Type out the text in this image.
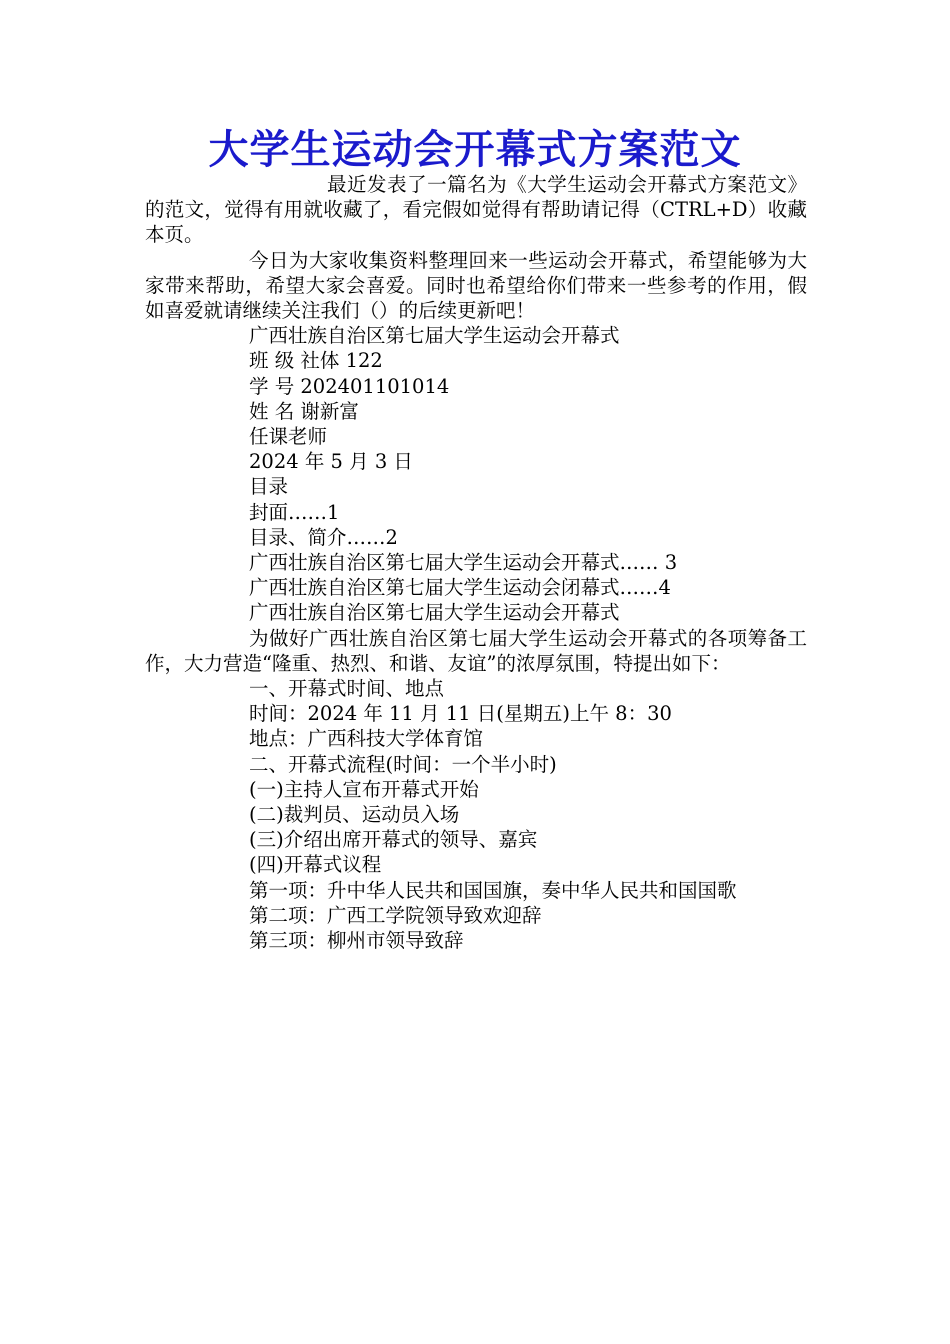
大学生运动会开幕式方案范文

最近发表了一篇名为《大学生运动会开幕式方案范文》的范文，觉得有用就收藏了，看完假如觉得有帮助请记得（CTRL+D）收藏本页。

今日为大家收集资料整理回来一些运动会开幕式，希望能够为大家带来帮助，希望大家会喜爱。同时也希望给你们带来一些参考的作用，假如喜爱就请继续关注我们（）的后续更新吧！

广西壮族自治区第七届大学生运动会开幕式

班 级 社体 122

学 号 202401101014

姓 名 谢新富

任课老师

2024 年 5 月 3 日

目录

封面……1

目录、简介……2

广西壮族自治区第七届大学生运动会开幕式…… 3

广西壮族自治区第七届大学生运动会闭幕式……4

广西壮族自治区第七届大学生运动会开幕式

为做好广西壮族自治区第七届大学生运动会开幕式的各项筹备工作，大力营造“隆重、热烈、和谐、友谊”的浓厚氛围，特提出如下：

一、开幕式时间、地点

时间：2024 年 11 月 11 日(星期五)上午 8：30

地点：广西科技大学体育馆

二、开幕式流程(时间：一个半小时)

(一)主持人宣布开幕式开始

(二)裁判员、运动员入场

(三)介绍出席开幕式的领导、嘉宾

(四)开幕式议程

第一项：升中华人民共和国国旗，奏中华人民共和国国歌

第二项：广西工学院领导致欢迎辞

第三项：柳州市领导致辞
